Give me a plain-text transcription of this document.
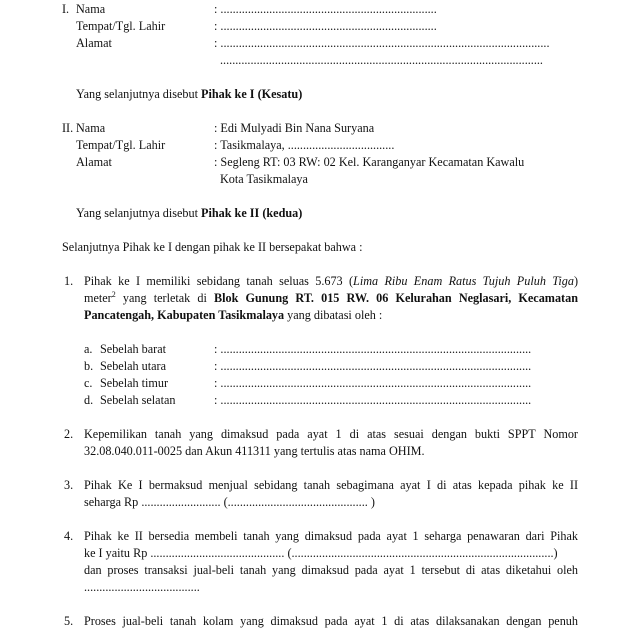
I. Nama	: .......................................................................
Tempat/Tgl. Lahir	: .......................................................................
Alamat	: ............................................................................................................
..........................................................................................................
Yang selanjutnya disebut Pihak ke I (Kesatu)
II. Nama	: Edi Mulyadi Bin Nana Suryana
Tempat/Tgl. Lahir	: Tasikmalaya, ...................................
Alamat	: Segleng RT: 03 RW: 02 Kel. Karanganyar Kecamatan Kawalu
Kota Tasikmalaya
Yang selanjutnya disebut Pihak ke II (kedua)
Selanjutnya Pihak ke I dengan pihak ke II bersepakat bahwa :
1. Pihak ke I memiliki sebidang tanah seluas 5.673 (Lima Ribu Enam Ratus Tujuh Puluh Tiga)
meter$^2$ yang terletak di Blok Gunung RT. 015 RW. 06 Kelurahan Neglasari, Kecamatan
Pancatengah, Kabupaten Tasikmalaya yang dibatasi oleh :
a. Sebelah barat	: ......................................................................................................
b. Sebelah utara	: ......................................................................................................
c. Sebelah timur	: ......................................................................................................
d. Sebelah selatan	: ......................................................................................................
2. Kepemilikan tanah yang dimaksud pada ayat 1 di atas sesuai dengan bukti SPPT Nomor
32.08.040.011-0025 dan Akun 411311 yang tertulis atas nama OHIM.
3. Pihak Ke I bermaksud menjual sebidang tanah sebagimana ayat I di atas kepada pihak ke II
seharga Rp .......................... (.............................................. )
4. Pihak ke II bersedia membeli tanah yang dimaksud pada ayat 1 seharga penawaran dari Pihak
ke I yaitu Rp ............................................ (......................................................................................)
dan proses transaksi jual-beli tanah yang dimaksud pada ayat 1 tersebut di atas diketahui oleh
......................................
5. Proses jual-beli tanah kolam yang dimaksud pada ayat 1 di atas dilaksanakan dengan penuh
